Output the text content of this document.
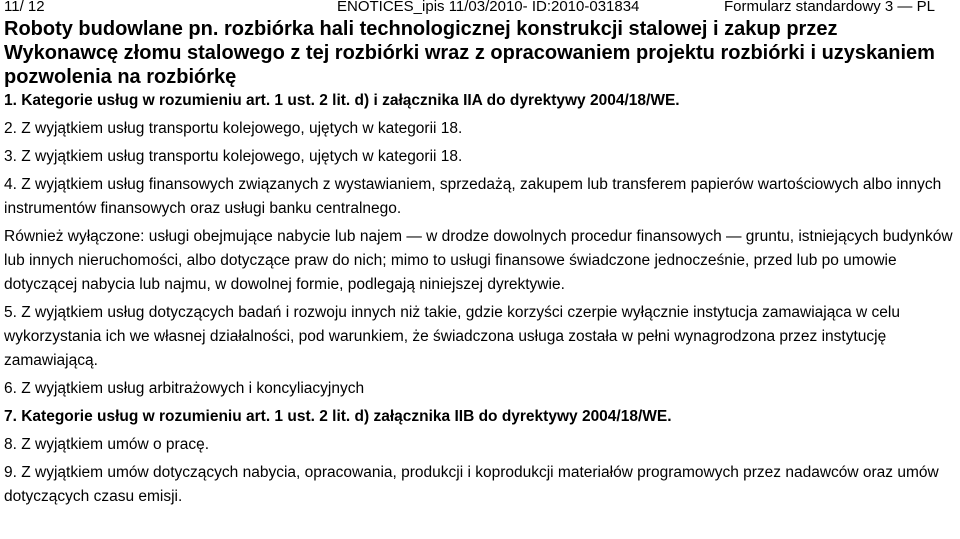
11/ 12	ENOTICES_ipis 11/03/2010- ID:2010-031834	Formularz standardowy 3 — PL
Roboty budowlane pn. rozbiórka hali technologicznej konstrukcji stalowej i zakup przez Wykonawcę złomu stalowego z tej rozbiórki wraz z opracowaniem projektu rozbiórki i uzyskaniem pozwolenia na rozbiórkę

1. Kategorie usług w rozumieniu art. 1 ust. 2 lit. d) i załącznika IIA do dyrektywy 2004/18/WE.

2. Z wyjątkiem usług transportu kolejowego, ujętych w kategorii 18.

3. Z wyjątkiem usług transportu kolejowego, ujętych w kategorii 18.

4. Z wyjątkiem usług finansowych związanych z wystawianiem, sprzedażą, zakupem lub transferem papierów wartościowych albo innych instrumentów finansowych oraz usługi banku centralnego.

Również wyłączone: usługi obejmujące nabycie lub najem — w drodze dowolnych procedur finansowych — gruntu, istniejących budynków lub innych nieruchomości, albo dotyczące praw do nich; mimo to usługi finansowe świadczone jednocześnie, przed lub po umowie dotyczącej nabycia lub najmu, w dowolnej formie, podlegają niniejszej dyrektywie.

5. Z wyjątkiem usług dotyczących badań i rozwoju innych niż takie, gdzie korzyści czerpie wyłącznie instytucja zamawiająca w celu wykorzystania ich we własnej działalności, pod warunkiem, że świadczona usługa została w pełni wynagrodzona przez instytucję zamawiającą.

6. Z wyjątkiem usług arbitrażowych i koncyliacyjnych

7. Kategorie usług w rozumieniu art. 1 ust. 2 lit. d) załącznika IIB do dyrektywy 2004/18/WE.

8. Z wyjątkiem umów o pracę.

9. Z wyjątkiem umów dotyczących nabycia, opracowania, produkcji i koprodukcji materiałów programowych przez nadawców oraz umów dotyczących czasu emisji.
